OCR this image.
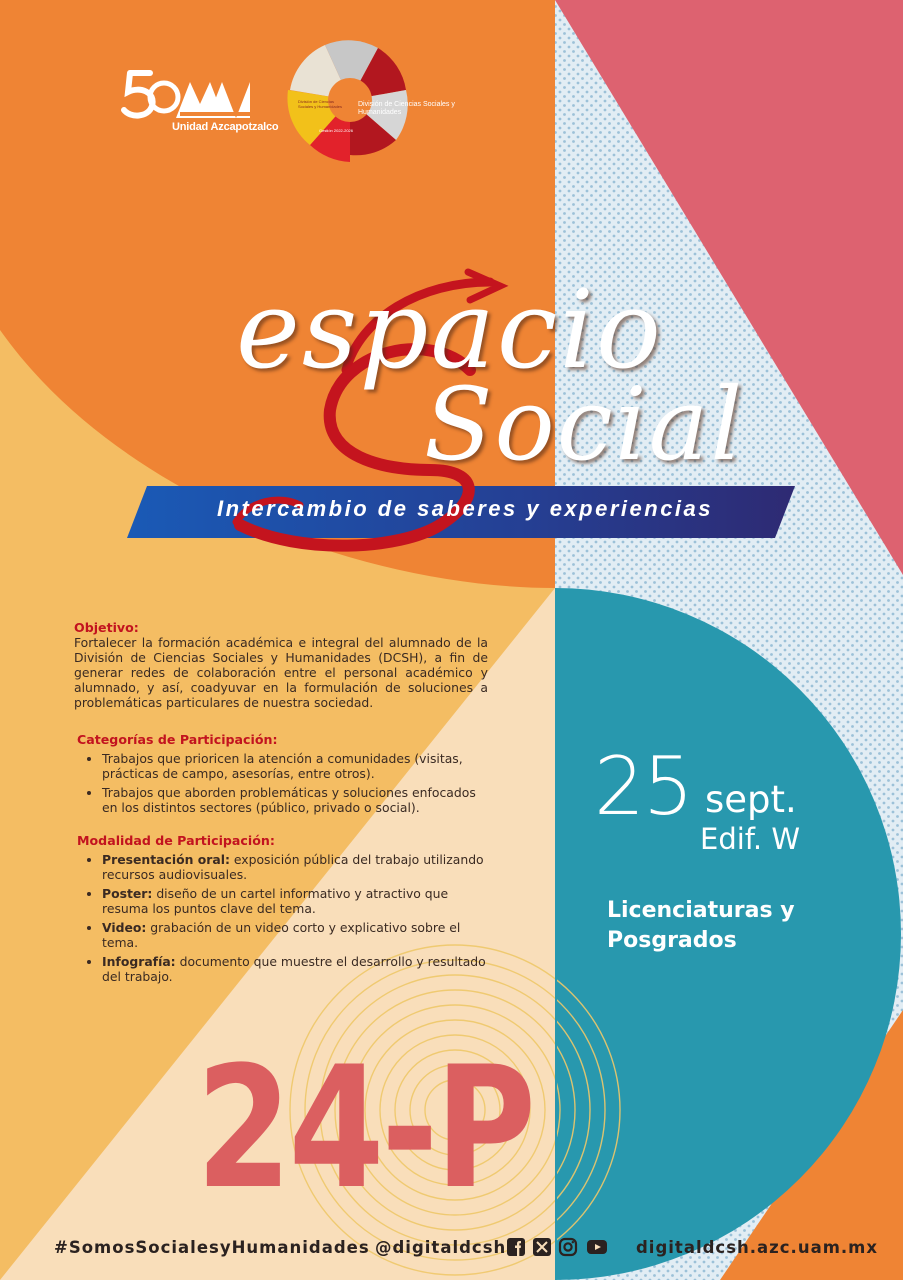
Unidad Azcapotzalco
División de Ciencias Sociales y Humanidades
Gestión 2022-2026
División de Ciencias Sociales y Humanidades
espacio
Social
Intercambio de saberes y experiencias
Objetivo:
Fortalecer la formación académica e integral del alumnado de la División de Ciencias Sociales y Humanidades (DCSH), a fin de generar redes de colaboración entre el personal académico y alumnado, y así, coadyuvar en la formulación de soluciones a problemáticas particulares de nuestra sociedad.
Categorías de Participación:
• Trabajos que prioricen la atención a comunidades (visitas, prácticas de campo, asesorías, entre otros).
• Trabajos que aborden problemáticas y soluciones enfocados en los distintos sectores (público, privado o social).
Modalidad de Participación:
• Presentación oral: exposición pública del trabajo utilizando recursos audiovisuales.
• Poster: diseño de un cartel informativo y atractivo que resuma los puntos clave del tema.
• Video: grabación de un video corto y explicativo sobre el tema.
• Infografía: documento que muestre el desarrollo y resultado del trabajo.
25 sept.
Edif. W
Licenciaturas y Posgrados
24-P
#SomosSocialesyHumanidades @digitaldcsh	digitaldcsh.azc.uam.mx
